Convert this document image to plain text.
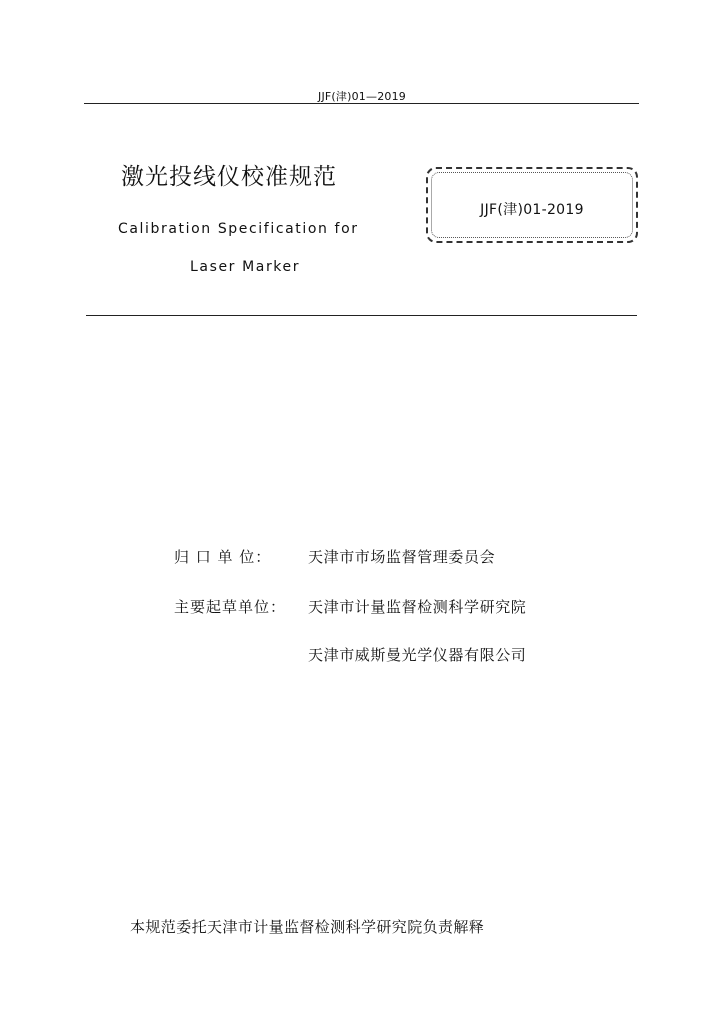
JJF(津)01—2019
激光投线仪校准规范
Calibration Specification for
Laser Marker
JJF(津)01-2019
归 口 单 位： 天津市市场监督管理委员会
主要起草单位： 天津市计量监督检测科学研究院
天津市威斯曼光学仪器有限公司
本规范委托天津市计量监督检测科学研究院负责解释
